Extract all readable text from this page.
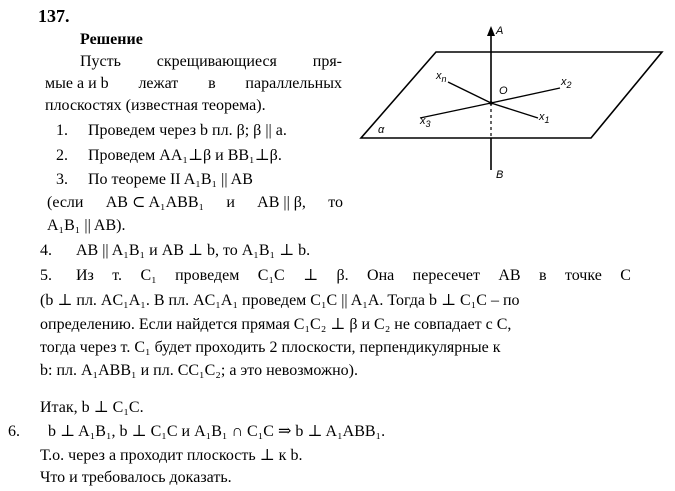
137.
Решение
Пусть скрещивающиеся пря-
мые a и b лежат в параллельных
плоскостях (известная теорема).
1. Проведем через b пл. β; β || a.
2. Проведем AA₁⊥β и BB₁⊥β.
3. По теореме II A₁B₁ || AB
(если AB ⊂ A₁ABB₁ и AB || β, то
A₁B₁ || AB).
4. AB || A₁B₁ и AB ⊥ b, то A₁B₁ ⊥ b.
5. Из т. C₁ проведем C₁C ⊥ β. Она пересечет AB в точке C
(b ⊥ пл. AC₁A₁. В пл. AC₁A₁ проведем C₁C || A₁A. Тогда b ⊥ C₁C – по
определению. Если найдется прямая C₁C₂ ⊥ β и C₂ не совпадает с C,
тогда через т. C₁ будет проходить 2 плоскости, перпендикулярные к
b: пл. A₁ABB₁ и пл. CC₁C₂; а это невозможно).
Итак, b ⊥ C₁C.
6. b ⊥ A₁B₁, b ⊥ C₁C и A₁B₁ ∩ C₁C ⇒ b ⊥ A₁ABB₁.
Т.о. через a проходит плоскость ⊥ к b.
Что и требовалось доказать.
A
B
O
α
$x_n$	$x_2$
$x_3$
$x_1$
